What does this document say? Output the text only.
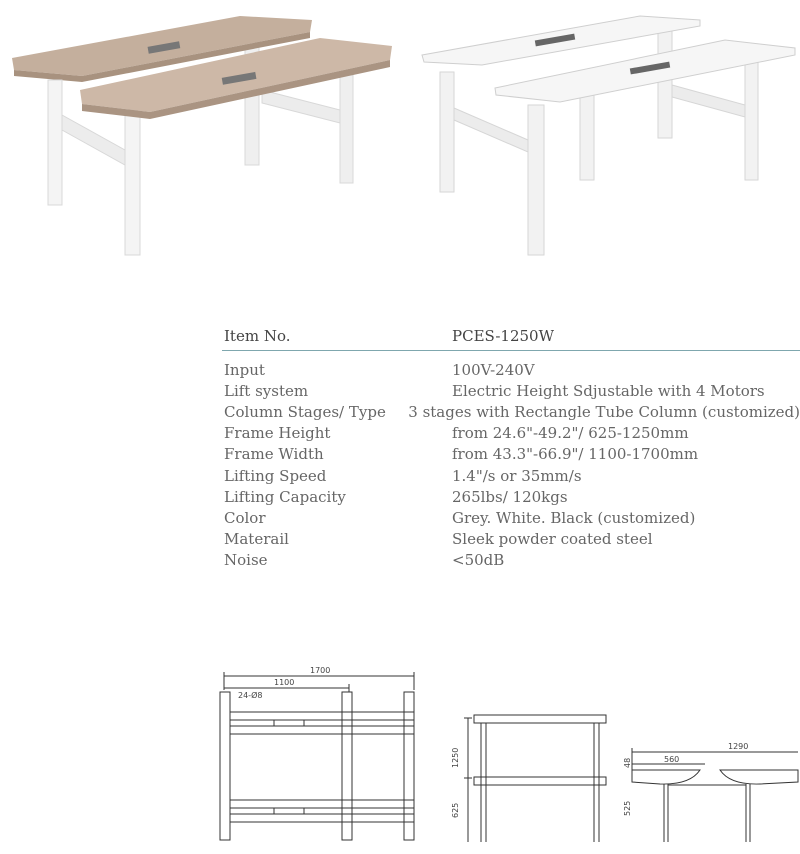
Item No.	PCES-1250W
Input	100V-240V
Lift system	Electric Height Sdjustable with 4 Motors
Column Stages/ Type	3 stages with Rectangle Tube Column (customized)
Frame Height	from 24.6"-49.2"/ 625-1250mm
Frame Width	from 43.3"-66.9"/ 1100-1700mm
Lifting Speed	1.4"/s or 35mm/s
Lifting Capacity	265lbs/ 120kgs
Color	Grey. White. Black (customized)
Materail	Sleek powder coated steel
Noise	<50dB
1700
1100
24-Ø8
1250
625
1290
560
48
525
